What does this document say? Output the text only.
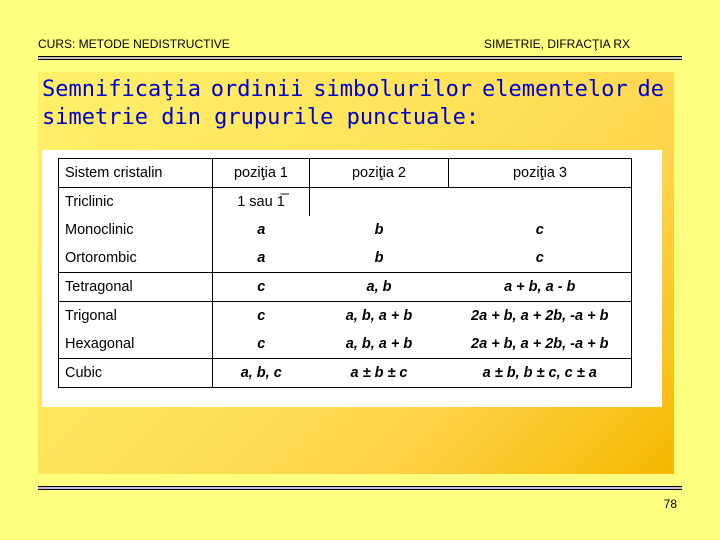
CURS: METODE NEDISTRUCTIVE	SIMETRIE, DIFRACŢIA RX
Semnificaţia ordinii simbolurilor elementelor de
simetrie din grupurile punctuale:
Sistem cristalin	poziţia 1	poziţia 2	poziţia 3
Triclinic	1 sau 1̅		
Monoclinic	a	b	c
Ortorombic	a	b	c
Tetragonal	c	a, b	a + b, a - b
Trigonal	c	a, b, a + b	2a + b, a + 2b, -a + b
Hexagonal	c	a, b, a + b	2a + b, a + 2b, -a + b
Cubic	a, b, c	a ± b ± c	a ± b, b ± c, c ± a
78
